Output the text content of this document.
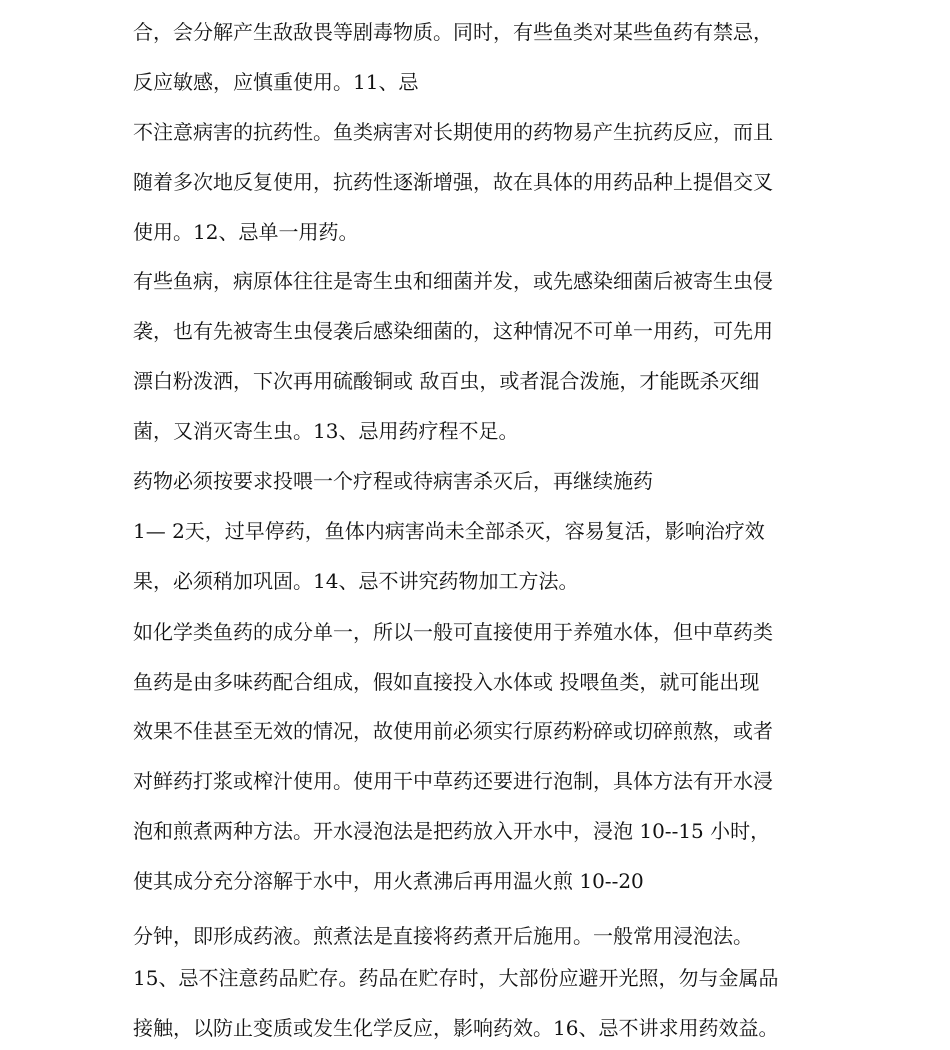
合，会分解产生敌敌畏等剧毒物质。同时，有些鱼类对某些鱼药有禁忌，
反应敏感，应慎重使用。11、忌
不注意病害的抗药性。鱼类病害对长期使用的药物易产生抗药反应，而且
随着多次地反复使用，抗药性逐渐增强，故在具体的用药品种上提倡交叉
使用。12、忌单一用药。
有些鱼病，病原体往往是寄生虫和细菌并发，或先感染细菌后被寄生虫侵
袭，也有先被寄生虫侵袭后感染细菌的，这种情况不可单一用药，可先用
漂白粉泼洒，下次再用硫酸铜或 敌百虫，或者混合泼施，才能既杀灭细
菌，又消灭寄生虫。13、忌用药疗程不足。
药物必须按要求投喂一个疗程或待病害杀灭后，再继续施药
1— 2天，过早停药，鱼体内病害尚未全部杀灭，容易复活，影响治疗效
果，必须稍加巩固。14、忌不讲究药物加工方法。
如化学类鱼药的成分单一，所以一般可直接使用于养殖水体，但中草药类
鱼药是由多味药配合组成，假如直接投入水体或 投喂鱼类，就可能出现
效果不佳甚至无效的情况，故使用前必须实行原药粉碎或切碎煎熬，或者
对鲜药打浆或榨汁使用。使用干中草药还要进行泡制，具体方法有开水浸
泡和煎煮两种方法。开水浸泡法是把药放入开水中，浸泡 10--15 小时，
使其成分充分溶解于水中，用火煮沸后再用温火煎 10--20
分钟，即形成药液。煎煮法是直接将药煮开后施用。一般常用浸泡法。
15、忌不注意药品贮存。药品在贮存时，大部份应避开光照，勿与金属品
接触，以防止变质或发生化学反应，影响药效。16、忌不讲求用药效益。
